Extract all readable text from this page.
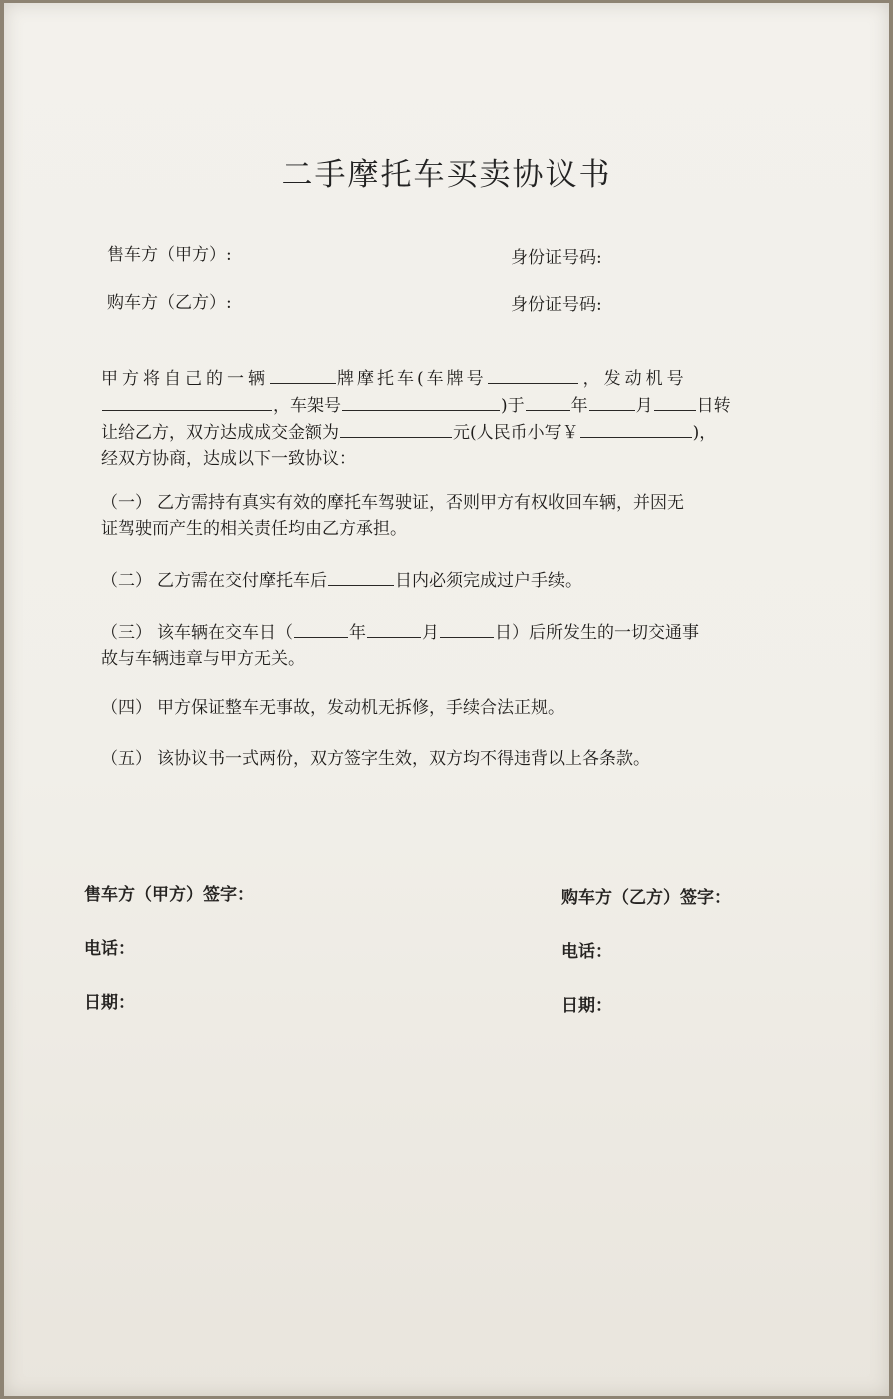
二手摩托车买卖协议书
售车方（甲方）:	身份证号码:
购车方（乙方）:	身份证号码:
甲方将自己的一辆	牌摩托车(车牌号	，发动机号
，车架号	)于	年	月	日转
让给乙方，双方达成成交金额为	元(人民币小写￥	)，
经双方协商，达成以下一致协议：
（一） 乙方需持有真实有效的摩托车驾驶证，否则甲方有权收回车辆，并因无
证驾驶而产生的相关责任均由乙方承担。
（二） 乙方需在交付摩托车后	日内必须完成过户手续。
（三） 该车辆在交车日（	年	月	日）后所发生的一切交通事
故与车辆违章与甲方无关。
（四） 甲方保证整车无事故，发动机无拆修，手续合法正规。
（五） 该协议书一式两份，双方签字生效，双方均不得违背以上各条款。
售车方（甲方）签字：	购车方（乙方）签字：
电话：	电话：
日期：	日期：
